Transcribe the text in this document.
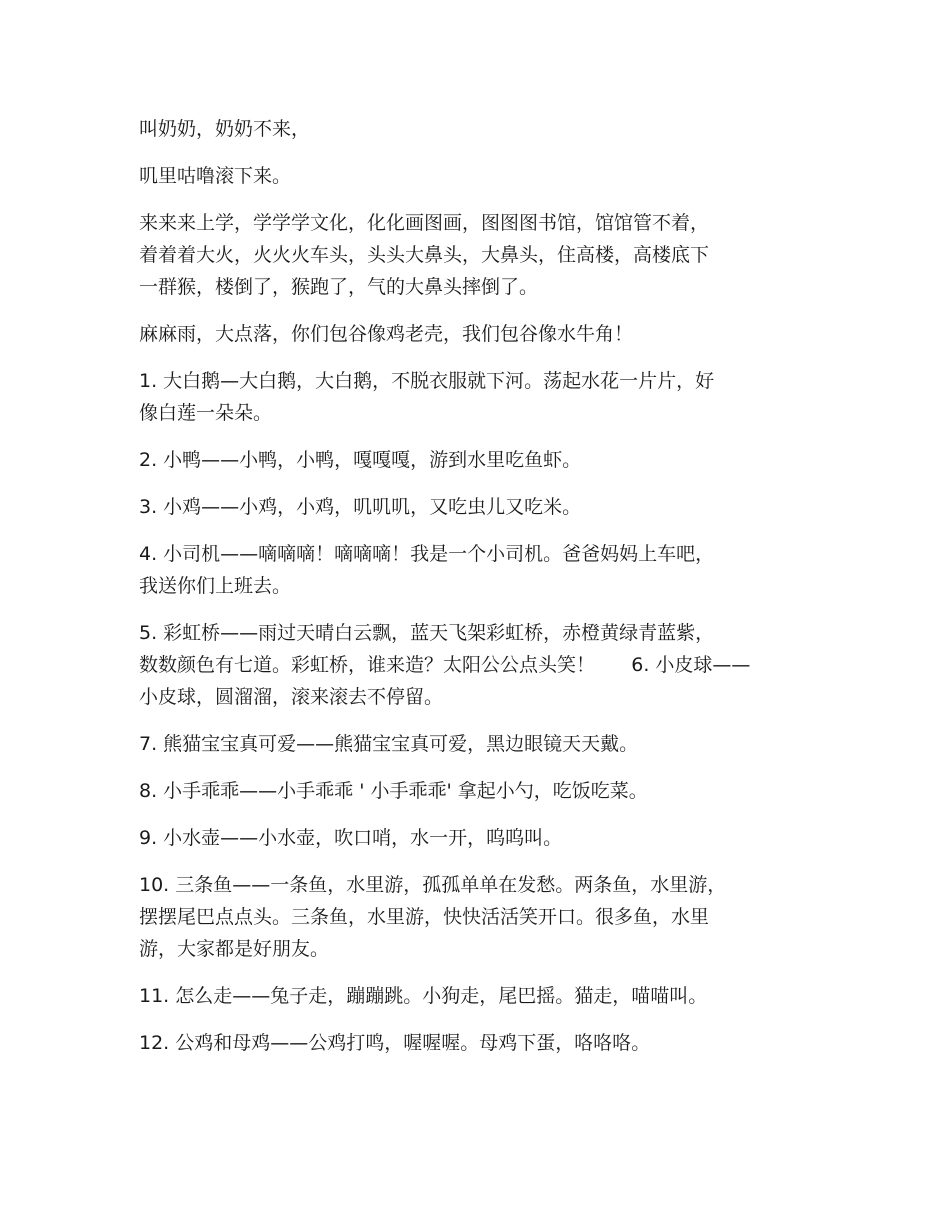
叫奶奶，奶奶不来，

叽里咕噜滚下来。

来来来上学，学学学文化，化化画图画，图图图书馆，馆馆管不着，
着着着大火，火火火车头，头头大鼻头，大鼻头，住高楼，高楼底下
一群猴，楼倒了，猴跑了，气的大鼻头摔倒了。

麻麻雨，大点落，你们包谷像鸡老壳，我们包谷像水牛角！

1. 大白鹅—大白鹅，大白鹅，不脱衣服就下河。荡起水花一片片，好
像白莲一朵朵。

2. 小鸭——小鸭，小鸭，嘎嘎嘎，游到水里吃鱼虾。

3. 小鸡——小鸡，小鸡，叽叽叽，又吃虫儿又吃米。

4. 小司机——嘀嘀嘀！嘀嘀嘀！我是一个小司机。爸爸妈妈上车吧，
我送你们上班去。

5. 彩虹桥——雨过天晴白云飘，蓝天飞架彩虹桥，赤橙黄绿青蓝紫，
数数颜色有七道。彩虹桥，谁来造？太阳公公点头笑！      6. 小皮球——
小皮球，圆溜溜，滚来滚去不停留。

7. 熊猫宝宝真可爱——熊猫宝宝真可爱，黑边眼镜天天戴。

8. 小手乖乖——小手乖乖 ' 小手乖乖' 拿起小勺，吃饭吃菜。

9. 小水壶——小水壶，吹口哨，水一开，呜呜叫。

10. 三条鱼——一条鱼，水里游，孤孤单单在发愁。两条鱼，水里游，
摆摆尾巴点点头。三条鱼，水里游，快快活活笑开口。很多鱼，水里
游，大家都是好朋友。

11. 怎么走——兔子走，蹦蹦跳。小狗走，尾巴摇。猫走，喵喵叫。

12. 公鸡和母鸡——公鸡打鸣，喔喔喔。母鸡下蛋，咯咯咯。
